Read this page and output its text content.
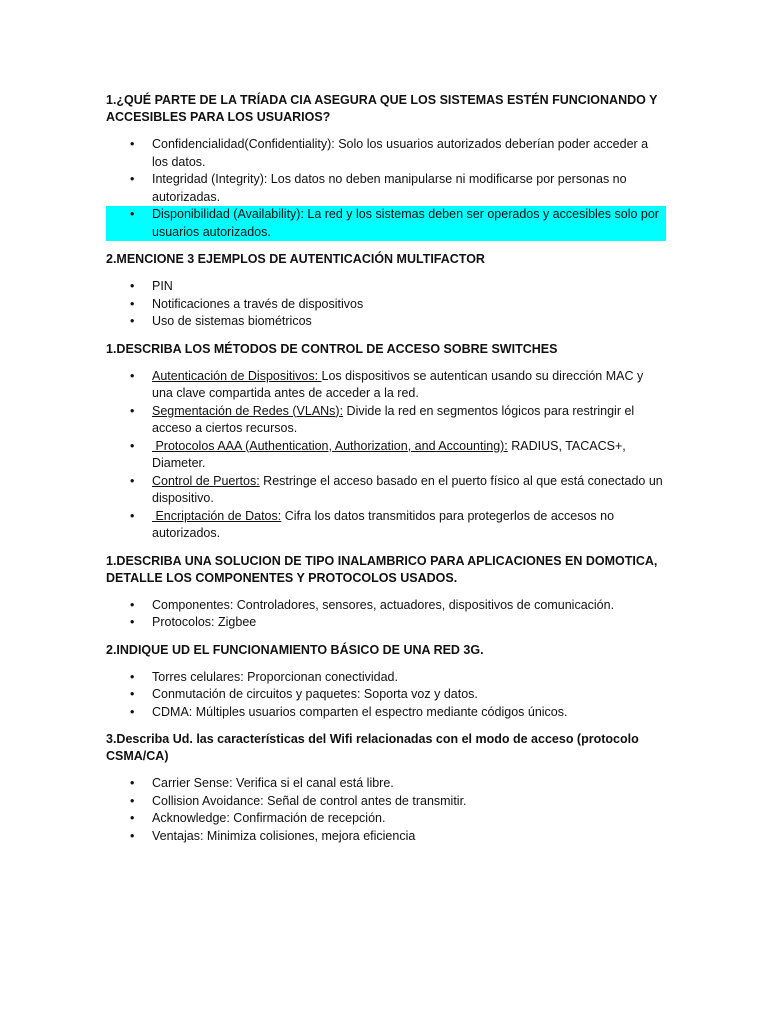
1.¿QUÉ PARTE DE LA TRÍADA CIA ASEGURA QUE LOS SISTEMAS ESTÉN FUNCIONANDO Y ACCESIBLES PARA LOS USUARIOS?
• Confidencialidad(Confidentiality): Solo los usuarios autorizados deberían poder acceder a los datos.
• Integridad (Integrity): Los datos no deben manipularse ni modificarse por personas no autorizadas.
• Disponibilidad (Availability): La red y los sistemas deben ser operados y accesibles solo por usuarios autorizados.
2.MENCIONE 3 EJEMPLOS DE AUTENTICACIÓN MULTIFACTOR
• PIN
• Notificaciones a través de dispositivos
• Uso de sistemas biométricos
1.DESCRIBA LOS MÉTODOS DE CONTROL DE ACCESO SOBRE SWITCHES
• Autenticación de Dispositivos: Los dispositivos se autentican usando su dirección MAC y una clave compartida antes de acceder a la red.
• Segmentación de Redes (VLANs): Divide la red en segmentos lógicos para restringir el acceso a ciertos recursos.
• Protocolos AAA (Authentication, Authorization, and Accounting): RADIUS, TACACS+, Diameter.
• Control de Puertos: Restringe el acceso basado en el puerto físico al que está conectado un dispositivo.
• Encriptación de Datos: Cifra los datos transmitidos para protegerlos de accesos no autorizados.
1.DESCRIBA UNA SOLUCION DE TIPO INALAMBRICO PARA APLICACIONES EN DOMOTICA, DETALLE LOS COMPONENTES Y PROTOCOLOS USADOS.
• Componentes: Controladores, sensores, actuadores, dispositivos de comunicación.
• Protocolos: Zigbee
2.INDIQUE UD EL FUNCIONAMIENTO BÁSICO DE UNA RED 3G.
• Torres celulares: Proporcionan conectividad.
• Conmutación de circuitos y paquetes: Soporta voz y datos.
• CDMA: Múltiples usuarios comparten el espectro mediante códigos únicos.
3.Describa Ud. las características del Wifi relacionadas con el modo de acceso (protocolo CSMA/CA)
• Carrier Sense: Verifica si el canal está libre.
• Collision Avoidance: Señal de control antes de transmitir.
• Acknowledge: Confirmación de recepción.
• Ventajas: Minimiza colisiones, mejora eficiencia
